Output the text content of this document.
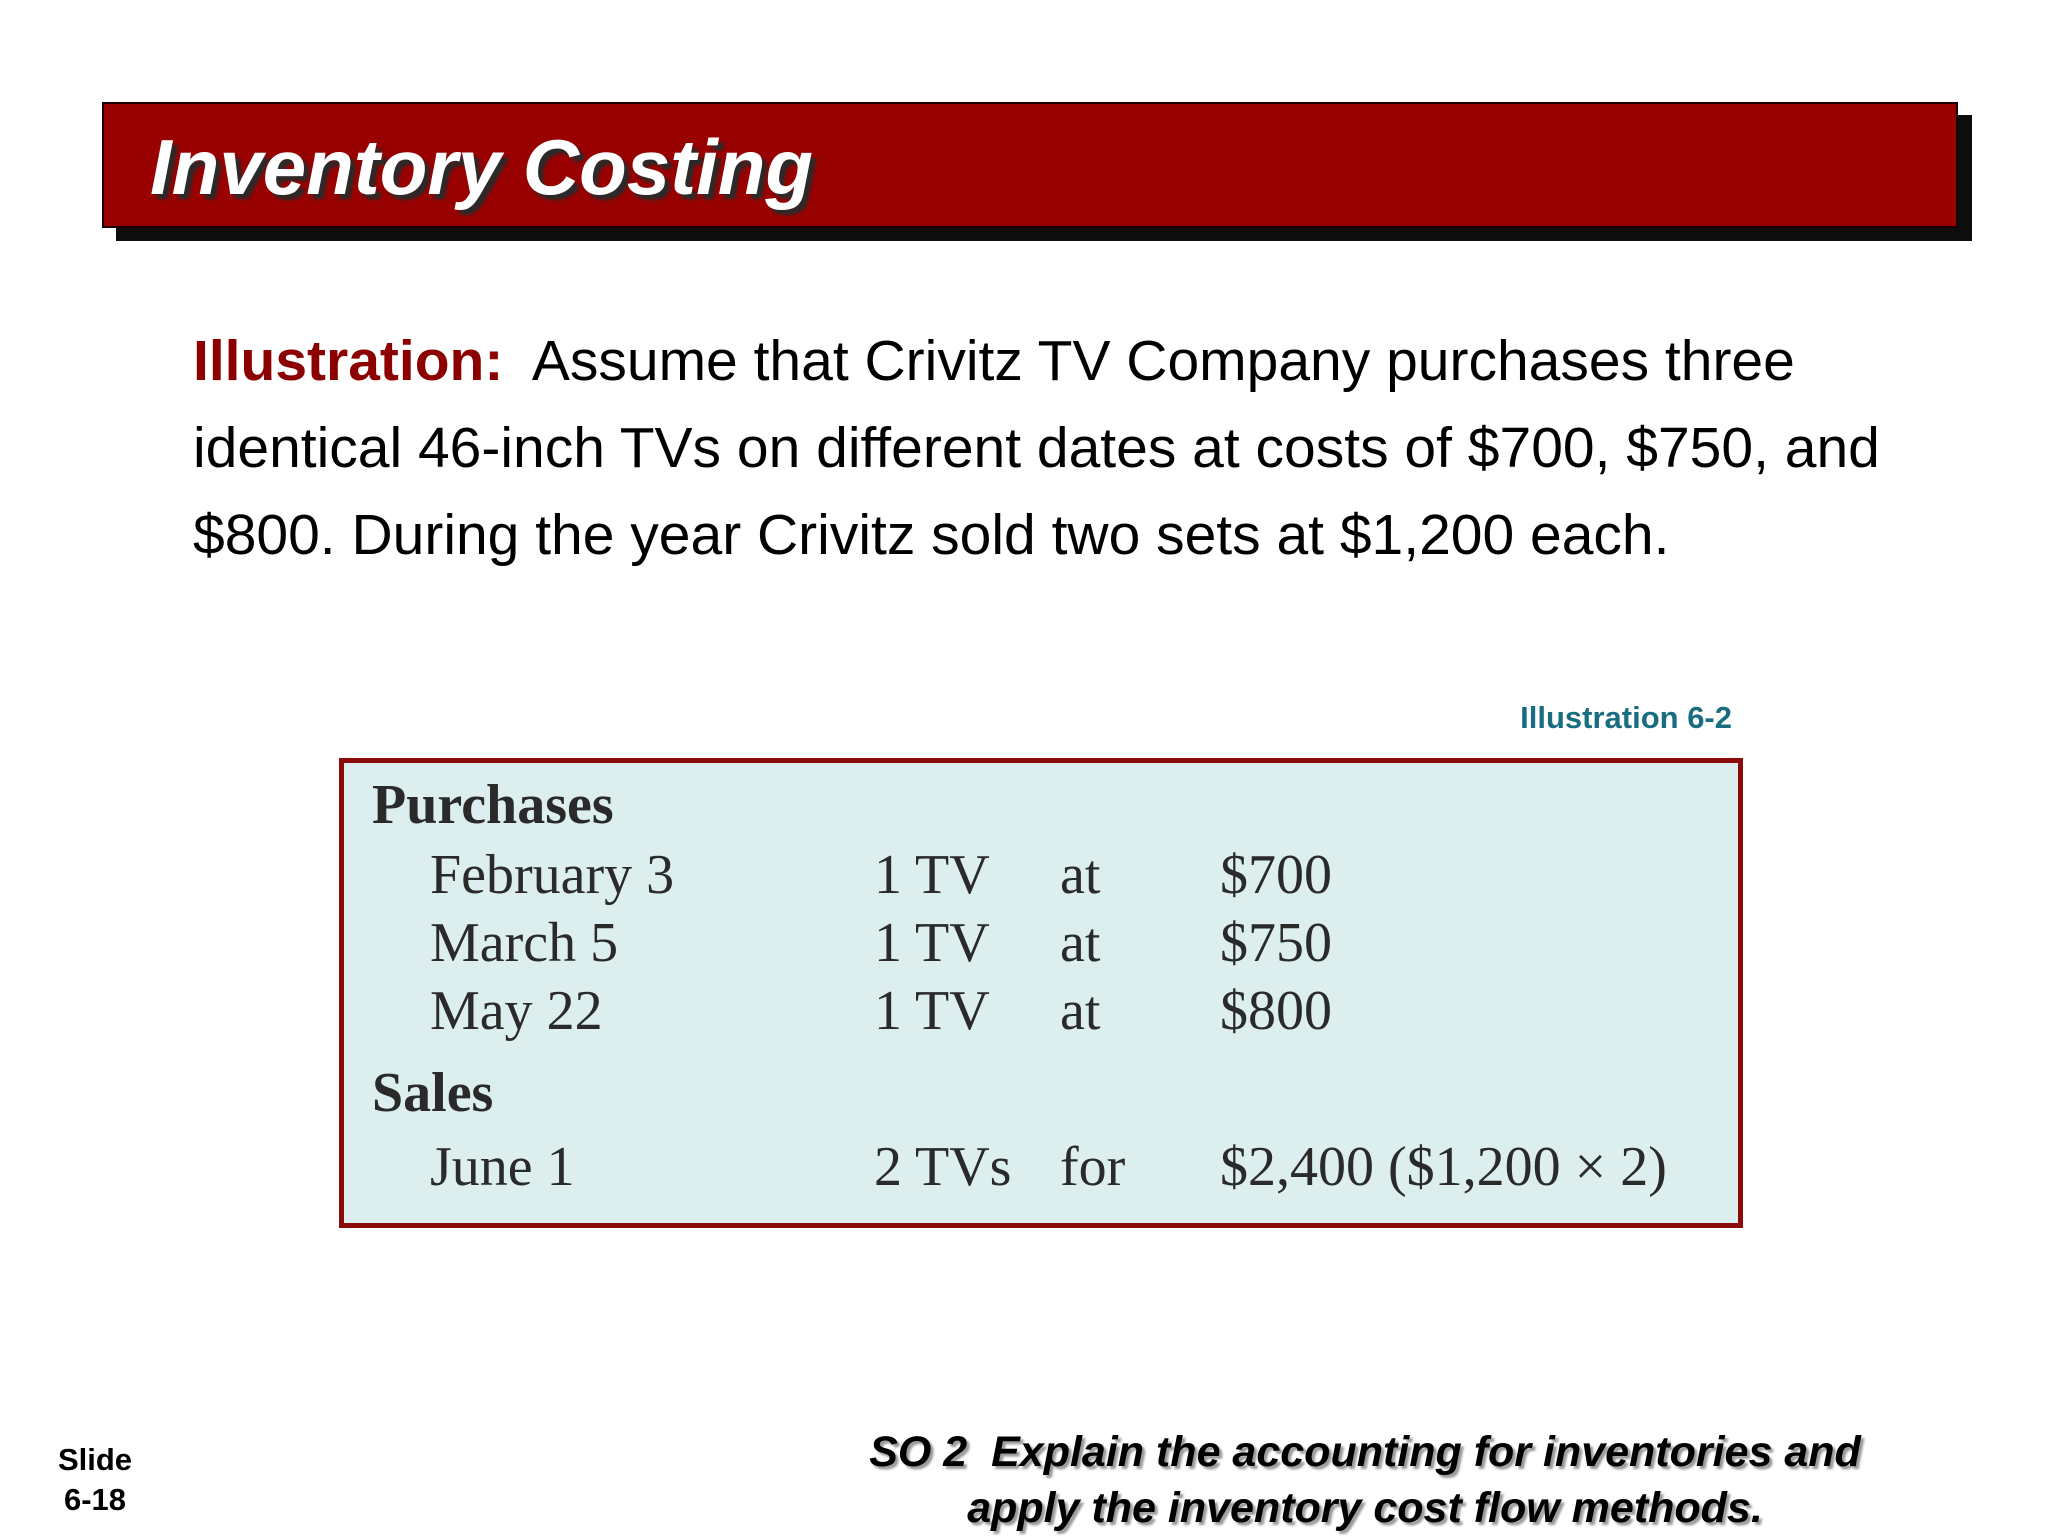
Inventory Costing
Illustration: Assume that Crivitz TV Company purchases three identical 46-inch TVs on different dates at costs of $700, $750, and $800. During the year Crivitz sold two sets at $1,200 each.
Illustration 6-2
Purchases
February 3	1 TV at $700
March 5	1 TV at $750
May 22	1 TV at $800
Sales
June 1	2 TVs for $2,400 ($1,200 × 2)
Slide
6-18
SO 2  Explain the accounting for inventories and
apply the inventory cost flow methods.
